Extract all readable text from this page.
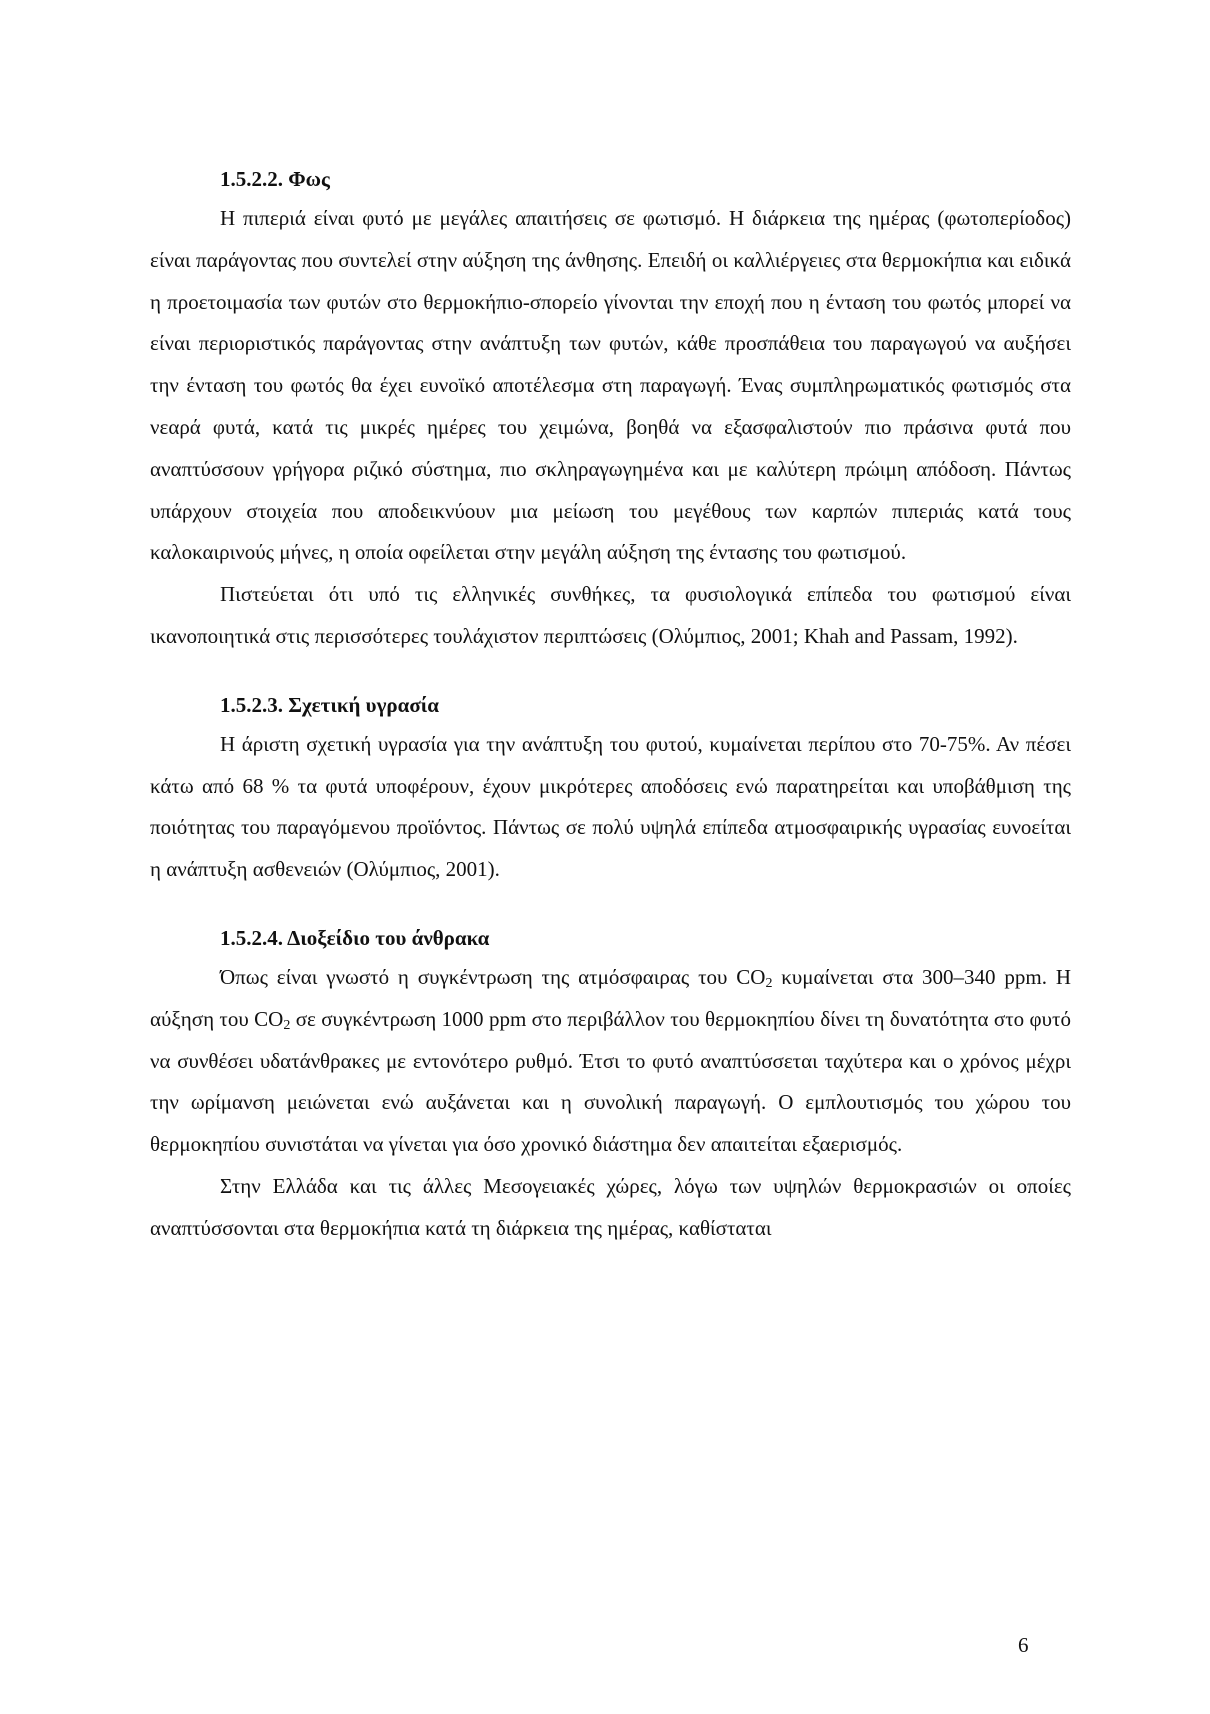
1.5.2.2. Φως

Η πιπεριά είναι φυτό με μεγάλες απαιτήσεις σε φωτισμό. Η διάρκεια της ημέρας (φωτοπερίοδος) είναι παράγοντας που συντελεί στην αύξηση της άνθησης. Επειδή οι καλλιέργειες στα θερμοκήπια και ειδικά η προετοιμασία των φυτών στο θερμοκήπιο-σπορείο γίνονται την εποχή που η ένταση του φωτός μπορεί να είναι περιοριστικός παράγοντας στην ανάπτυξη των φυτών, κάθε προσπάθεια του παραγωγού να αυξήσει την ένταση του φωτός θα έχει ευνοϊκό αποτέλεσμα στη παραγωγή. Ένας συμπληρωματικός φωτισμός στα νεαρά φυτά, κατά τις μικρές ημέρες του χειμώνα, βοηθά να εξασφαλιστούν πιο πράσινα φυτά που αναπτύσσουν γρήγορα ριζικό σύστημα, πιο σκληραγωγημένα και με καλύτερη πρώιμη απόδοση. Πάντως υπάρχουν στοιχεία που αποδεικνύουν μια μείωση του μεγέθους των καρπών πιπεριάς κατά τους καλοκαιρινούς μήνες, η οποία οφείλεται στην μεγάλη αύξηση της έντασης του φωτισμού.

Πιστεύεται ότι υπό τις ελληνικές συνθήκες, τα φυσιολογικά επίπεδα του φωτισμού είναι ικανοποιητικά στις περισσότερες τουλάχιστον περιπτώσεις (Ολύμπιος, 2001; Khah and Passam, 1992).

1.5.2.3. Σχετική υγρασία

Η άριστη σχετική υγρασία για την ανάπτυξη του φυτού, κυμαίνεται περίπου στο 70-75%. Αν πέσει κάτω από 68 % τα φυτά υποφέρουν, έχουν μικρότερες αποδόσεις ενώ παρατηρείται και υποβάθμιση της ποιότητας του παραγόμενου προϊόντος. Πάντως σε πολύ υψηλά επίπεδα ατμοσφαιρικής υγρασίας ευνοείται η ανάπτυξη ασθενειών (Ολύμπιος, 2001).

1.5.2.4. Διοξείδιο του άνθρακα

Όπως είναι γνωστό η συγκέντρωση της ατμόσφαιρας του $CO_2$ κυμαίνεται στα 300–340 ppm. Η αύξηση του $CO_2$ σε συγκέντρωση 1000 ppm στο περιβάλλον του θερμοκηπίου δίνει τη δυνατότητα στο φυτό να συνθέσει υδατάνθρακες με εντονότερο ρυθμό. Έτσι το φυτό αναπτύσσεται ταχύτερα και ο χρόνος μέχρι την ωρίμανση μειώνεται ενώ αυξάνεται και η συνολική παραγωγή. Ο εμπλουτισμός του χώρου του θερμοκηπίου συνιστάται να γίνεται για όσο χρονικό διάστημα δεν απαιτείται εξαερισμός.

Στην Ελλάδα και τις άλλες Μεσογειακές χώρες, λόγω των υψηλών θερμοκρασιών οι οποίες αναπτύσσονται στα θερμοκήπια κατά τη διάρκεια της ημέρας, καθίσταται

6
